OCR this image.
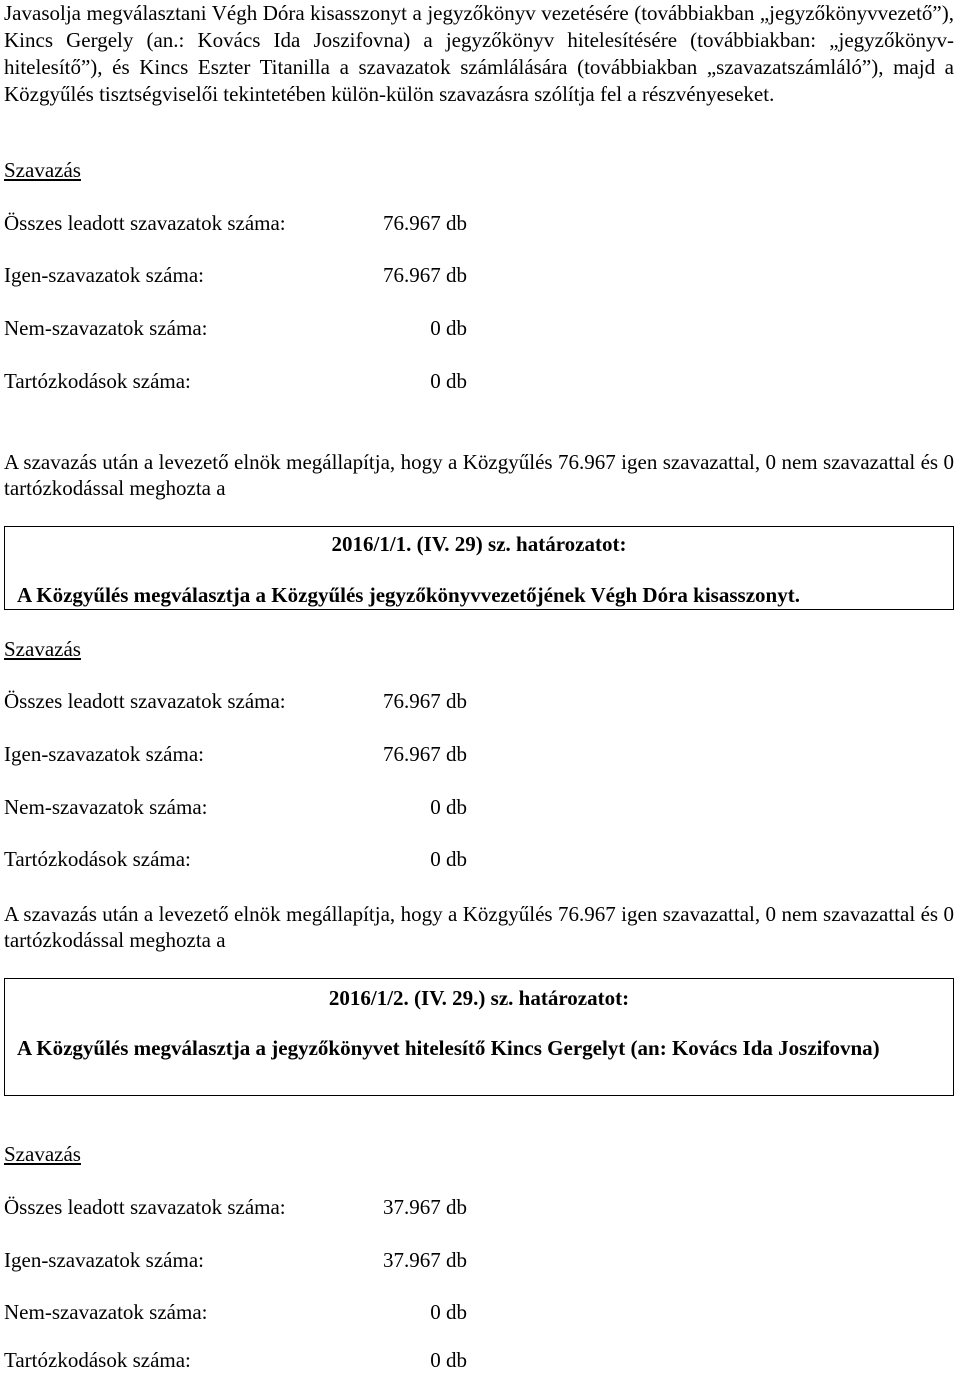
Javasolja megválasztani Végh Dóra kisasszonyt a jegyzőkönyv vezetésére (továbbiakban „jegyzőkönyvvezető”), Kincs Gergely (an.: Kovács Ida Joszifovna) a jegyzőkönyv hitelesítésére (továbbiakban: „jegyzőkönyv-hitelesítő”), és Kincs Eszter Titanilla a szavazatok számlálására (továbbiakban „szavazatszámláló”), majd a Közgyűlés tisztségviselői tekintetében külön-külön szavazásra szólítja fel a részvényeseket.

Szavazás

Összes leadott szavazatok száma:	76.967 db
Igen-szavazatok száma:	76.967 db
Nem-szavazatok száma:	0 db
Tartózkodások száma:	0 db

A szavazás után a levezető elnök megállapítja, hogy a Közgyűlés 76.967 igen szavazattal, 0 nem szavazattal és 0 tartózkodással meghozta a

2016/1/1. (IV. 29) sz. határozatot:

A Közgyűlés megválasztja a Közgyűlés jegyzőkönyvvezetőjének Végh Dóra kisasszonyt.

Szavazás

Összes leadott szavazatok száma:	76.967 db
Igen-szavazatok száma:	76.967 db
Nem-szavazatok száma:	0 db
Tartózkodások száma:	0 db

A szavazás után a levezető elnök megállapítja, hogy a Közgyűlés 76.967 igen szavazattal, 0 nem szavazattal és 0 tartózkodással meghozta a

2016/1/2. (IV. 29.) sz. határozatot:

A Közgyűlés megválasztja a jegyzőkönyvet hitelesítő Kincs Gergelyt (an: Kovács Ida Joszifovna)

Szavazás

Összes leadott szavazatok száma:	37.967 db
Igen-szavazatok száma:	37.967 db
Nem-szavazatok száma:	0 db
Tartózkodások száma:	0 db
